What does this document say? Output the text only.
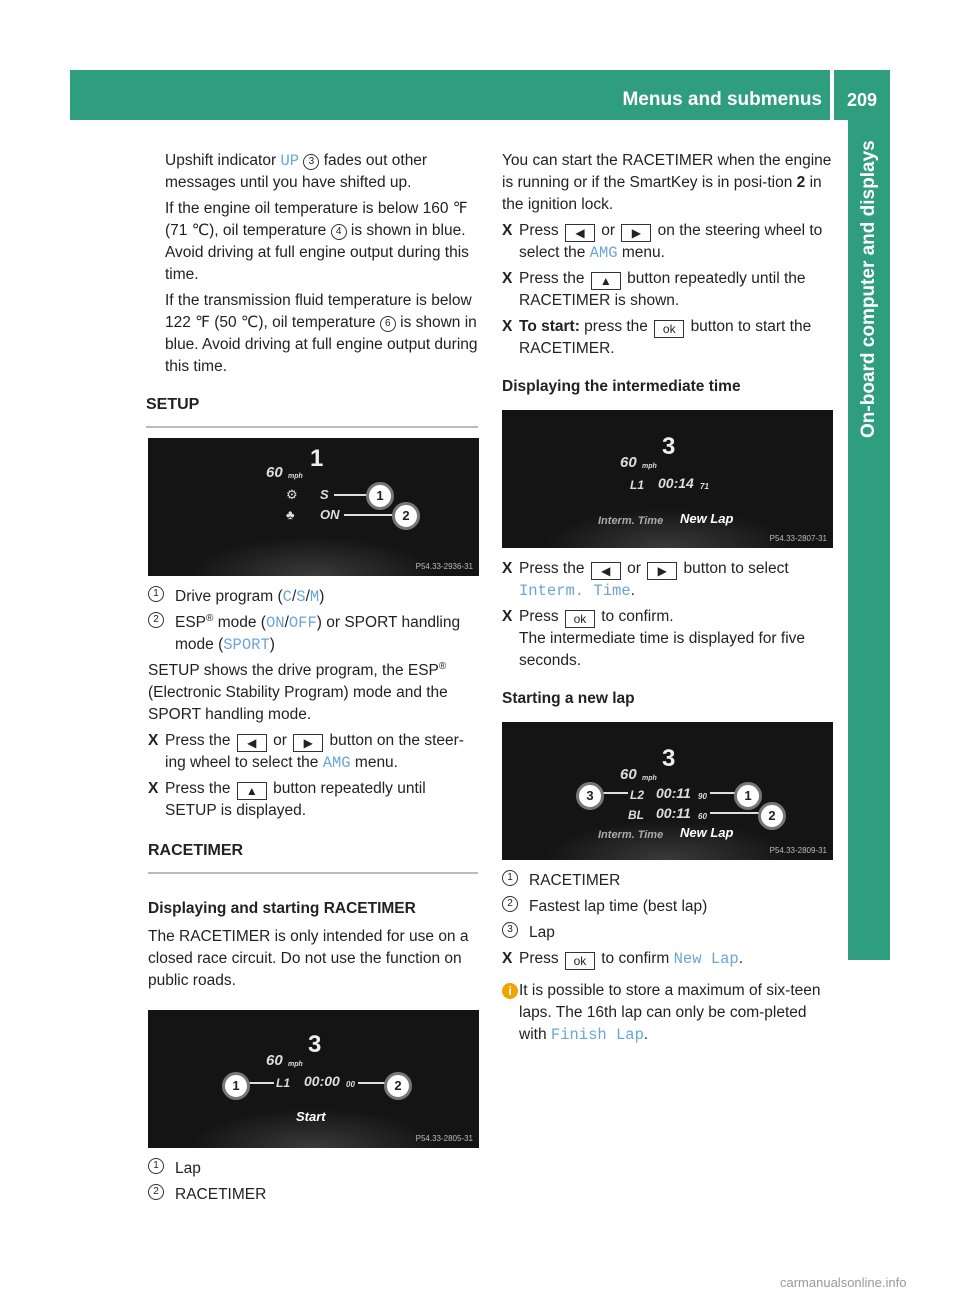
Menus and submenus	209
On-board computer and displays

Upshift indicator UP 3 fades out other messages until you have shifted up.

If the engine oil temperature is below 160 ℉ (71 ℃), oil temperature 4 is shown in blue. Avoid driving at full engine output during this time.

If the transmission fluid temperature is below 122 ℉ (50 ℃), oil temperature 6 is shown in blue. Avoid driving at full engine output during this time.

SETUP
60 mph
1
⚙ S
♣ ON
1
2
P54.33-2936-31

1	Drive program (C/S/M)

2	ESP® mode (ON/OFF) or SPORT handling mode (SPORT)

SETUP shows the drive program, the ESP® (Electronic Stability Program) mode and the SPORT handling mode.

X Press the ◀ or ▶ button on the steer-ing wheel to select the AMG menu.

X Press the ▲ button repeatedly until SETUP is displayed.

RACETIMER
Displaying and starting RACETIMER

The RACETIMER is only intended for use on a closed race circuit. Do not use the function on public roads.

60 mph
3
L1 00:00 00
1	2
Start
P54.33-2805-31

1	Lap

2	RACETIMER

You can start the RACETIMER when the engine is running or if the SmartKey is in posi-tion 2 in the ignition lock.

X Press ◀ or ▶ on the steering wheel to select the AMG menu.

X Press the ▲ button repeatedly until the RACETIMER is shown.

X To start: press the ok button to start the RACETIMER.

Displaying the intermediate time
60 mph
3
L1 00:14 71
Interm. Time New Lap
P54.33-2807-31

X Press the ◀ or ▶ button to select Interm. Time.

X Press ok to confirm.
The intermediate time is displayed for five seconds.

Starting a new lap
60 mph
3
L2 00:11 90
BL 00:11 60
3	1
2
Interm. Time New Lap
P54.33-2809-31

1	RACETIMER

2	Fastest lap time (best lap)

3	Lap

X Press ok to confirm New Lap.

i It is possible to store a maximum of six-teen laps. The 16th lap can only be com-pleted with Finish Lap.

carmanualsonline.info
